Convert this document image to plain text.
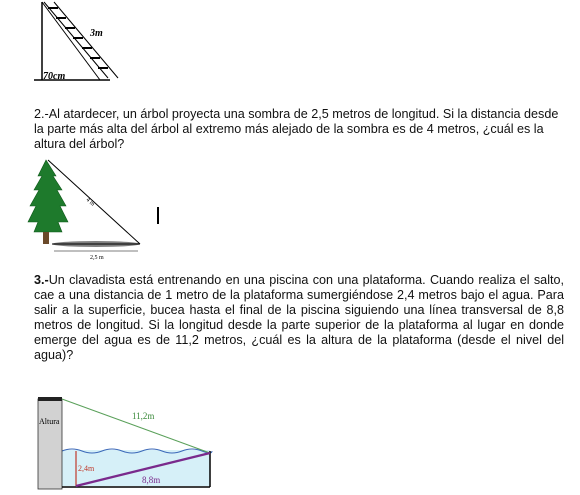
3m
70cm

2.-Al atardecer, un árbol proyecta una sombra de 2,5 metros de longitud. Si la distancia desde la parte más alta del árbol al extremo más alejado de la sombra es de 4 metros, ¿cuál es la altura del árbol?

4 m
2,5 m

3.-Un clavadista está entrenando en una piscina con una plataforma. Cuando realiza el salto, cae a una distancia de 1 metro de la plataforma sumergiéndose 2,4 metros bajo el agua. Para salir a la superficie, bucea hasta el final de la piscina siguiendo una línea transversal de 8,8 metros de longitud. Si la longitud desde la parte superior de la plataforma al lugar en donde emerge del agua es de 11,2 metros, ¿cuál es la altura de la plataforma (desde el nivel del agua)?

Altura
11,2m
2,4m
8,8m
